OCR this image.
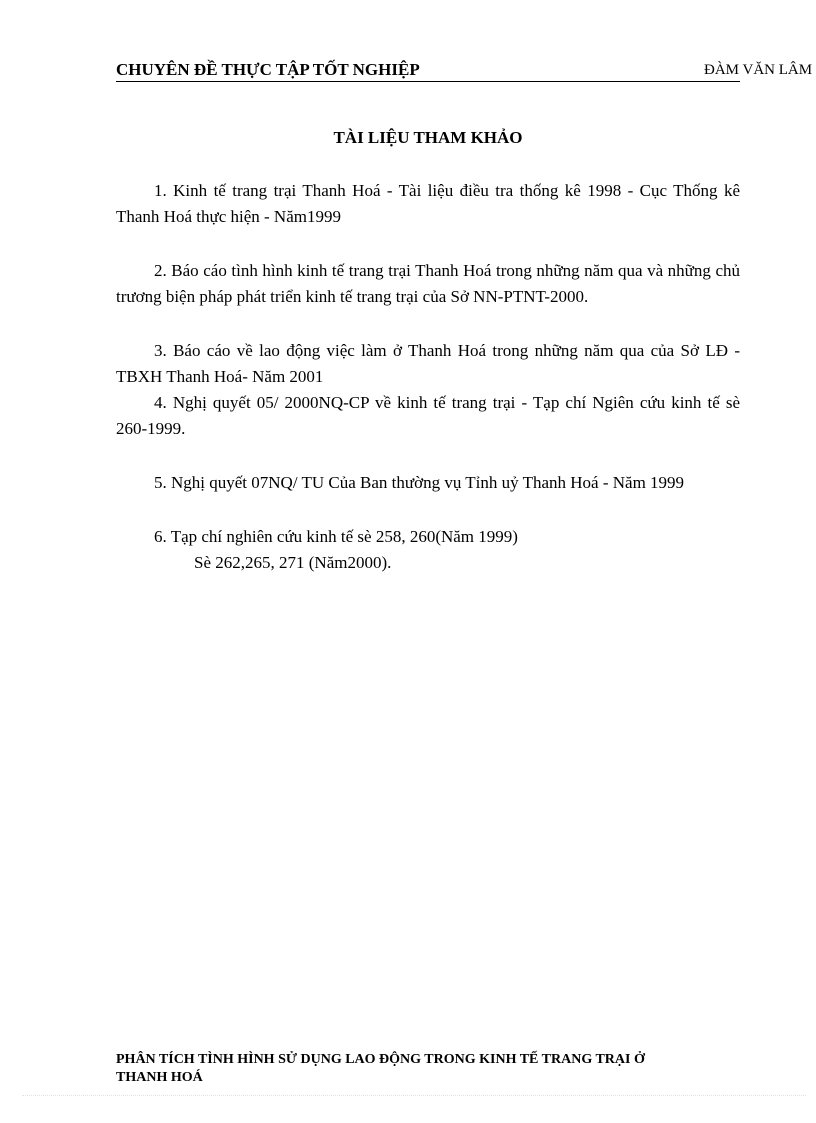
CHUYÊN ĐỀ THỰC TẬP TỐT NGHIỆP	ĐÀM VĂN LÂM
TÀI LIỆU THAM KHẢO

1. Kinh tế trang trại Thanh Hoá - Tài liệu điều tra thống kê 1998 - Cục Thống kê Thanh Hoá thực hiện - Năm1999

2. Báo cáo tình hình kinh tế trang trại Thanh Hoá trong những năm qua và những chủ trương biện pháp phát triển kinh tế trang trại của Sở NN-PTNT-2000.

3. Báo cáo về lao động việc làm ở Thanh Hoá trong những năm qua của Sở LĐ - TBXH Thanh Hoá- Năm 2001

4. Nghị quyết 05/ 2000NQ-CP về kinh tế trang trại - Tạp chí Ngiên cứu kinh tế sè 260-1999.

5. Nghị quyết 07NQ/ TU Của Ban thường vụ Tỉnh uỷ Thanh Hoá - Năm 1999

6. Tạp chí nghiên cứu kinh tế sè 258, 260(Năm 1999)

Sè 262,265, 271 (Năm2000).

PHÂN TÍCH TÌNH HÌNH SỬ DỤNG LAO ĐỘNG TRONG KINH TẾ TRANG TRẠI Ở
THANH HOÁ
